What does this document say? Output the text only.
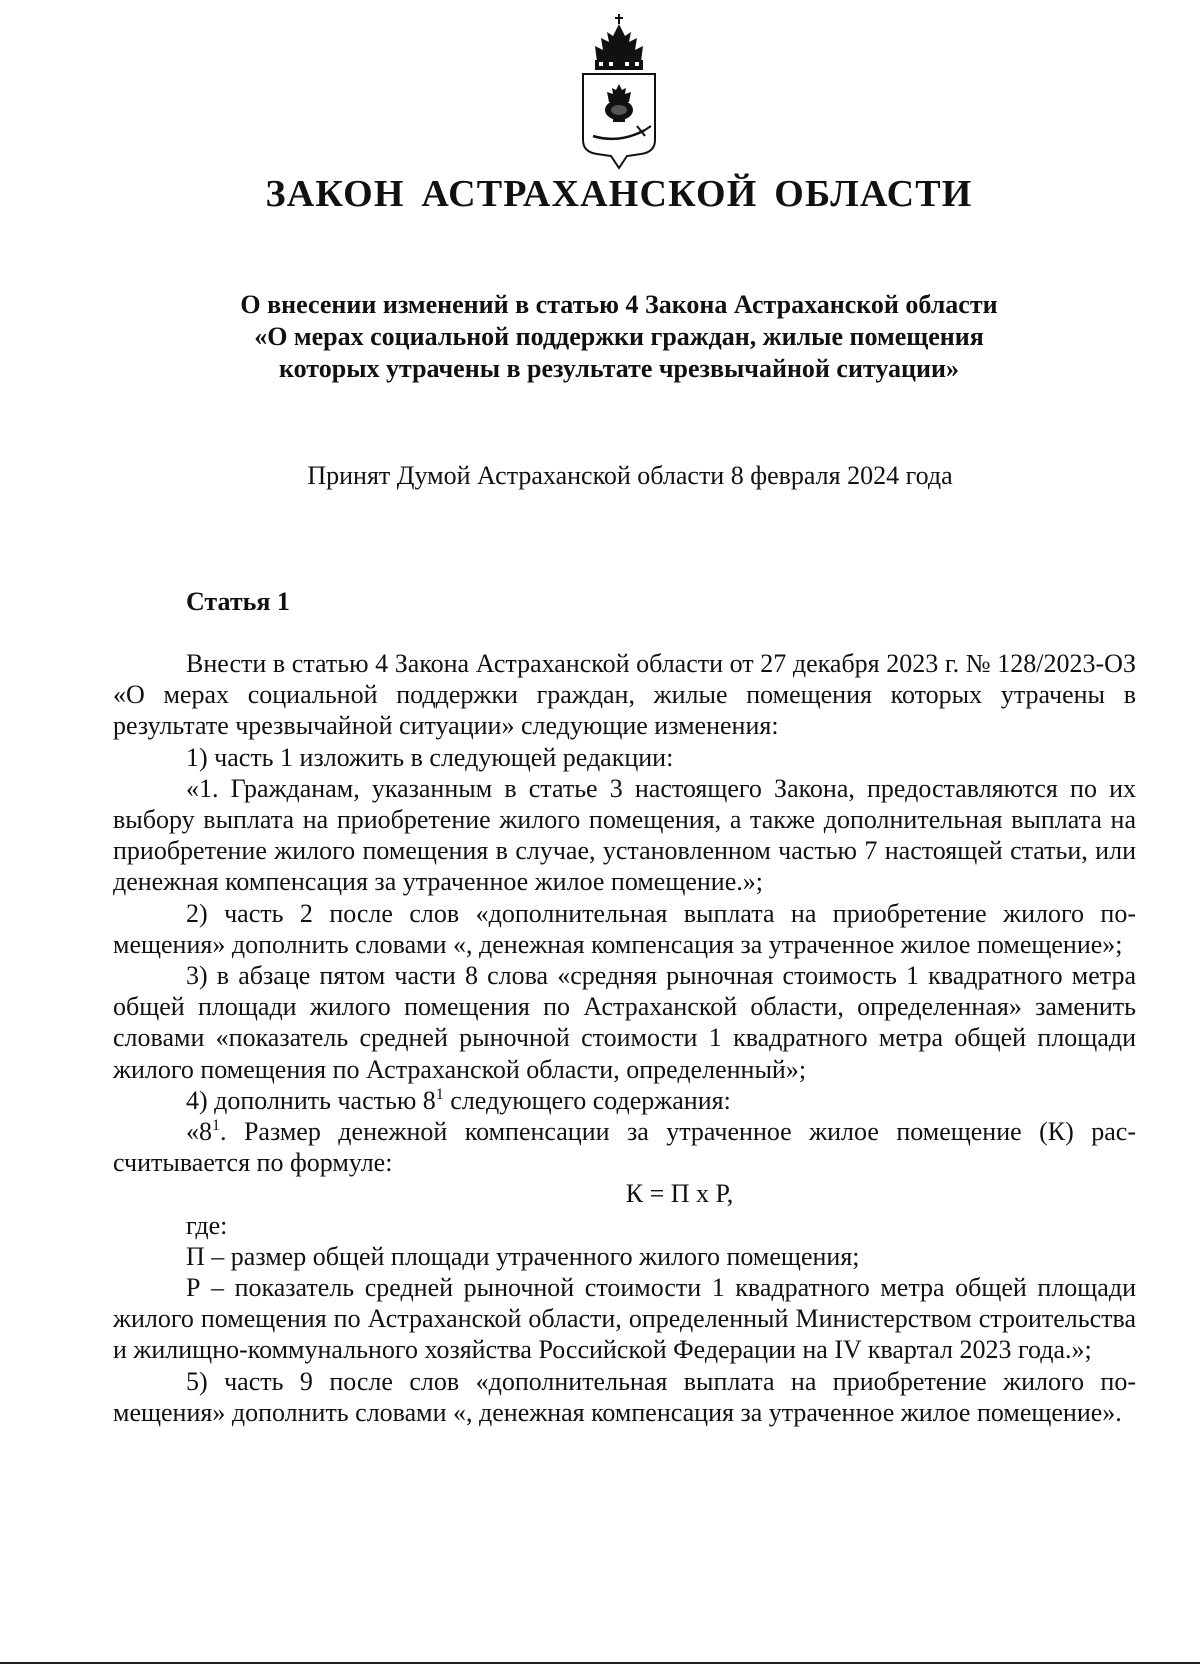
ЗАКОН АСТРАХАНСКОЙ ОБЛАСТИ
О внесении изменений в статью 4 Закона Астраханской области
«О мерах социальной поддержки граждан, жилые помещения
которых утрачены в результате чрезвычайной ситуации»
Принят Думой Астраханской области 8 февраля 2024 года
Статья 1

Внести в статью 4 Закона Астраханской области от 27 декабря 2023 г. № 128/2023-ОЗ «О мерах социальной поддержки граждан, жилые помещения которых утрачены в результате чрезвычайной ситуации» следующие изменения:

1) часть 1 изложить в следующей редакции:

«1. Гражданам, указанным в статье 3 настоящего Закона, предоставляются по их выбору выплата на приобретение жилого помещения, а также дополнительная выплата на приобретение жилого помещения в случае, установленном частью 7 настоящей статьи, или денежная компенсация за утраченное жилое помещение.»;

2) часть 2 после слов «дополнительная выплата на приобретение жилого помещения» дополнить словами «, денежная компенсация за утраченное жилое помещение»;

3) в абзаце пятом части 8 слова «средняя рыночная стоимость 1 квадратного метра общей площади жилого помещения по Астраханской области, определенная» заменить словами «показатель средней рыночной стоимости 1 квадратного метра общей площади жилого помещения по Астраханской области, определенный»;

4) дополнить частью $8^1$ следующего содержания:

«$8^1$. Размер денежной компенсации за утраченное жилое помещение (К) рассчитывается по формуле:

К = П х Р,

где:

П – размер общей площади утраченного жилого помещения;

Р – показатель средней рыночной стоимости 1 квадратного метра общей площади жилого помещения по Астраханской области, определенный Министерством строительства и жилищно-коммунального хозяйства Российской Федерации на IV квартал 2023 года.»;

5) часть 9 после слов «дополнительная выплата на приобретение жилого помещения» дополнить словами «, денежная компенсация за утраченное жилое помещение».
